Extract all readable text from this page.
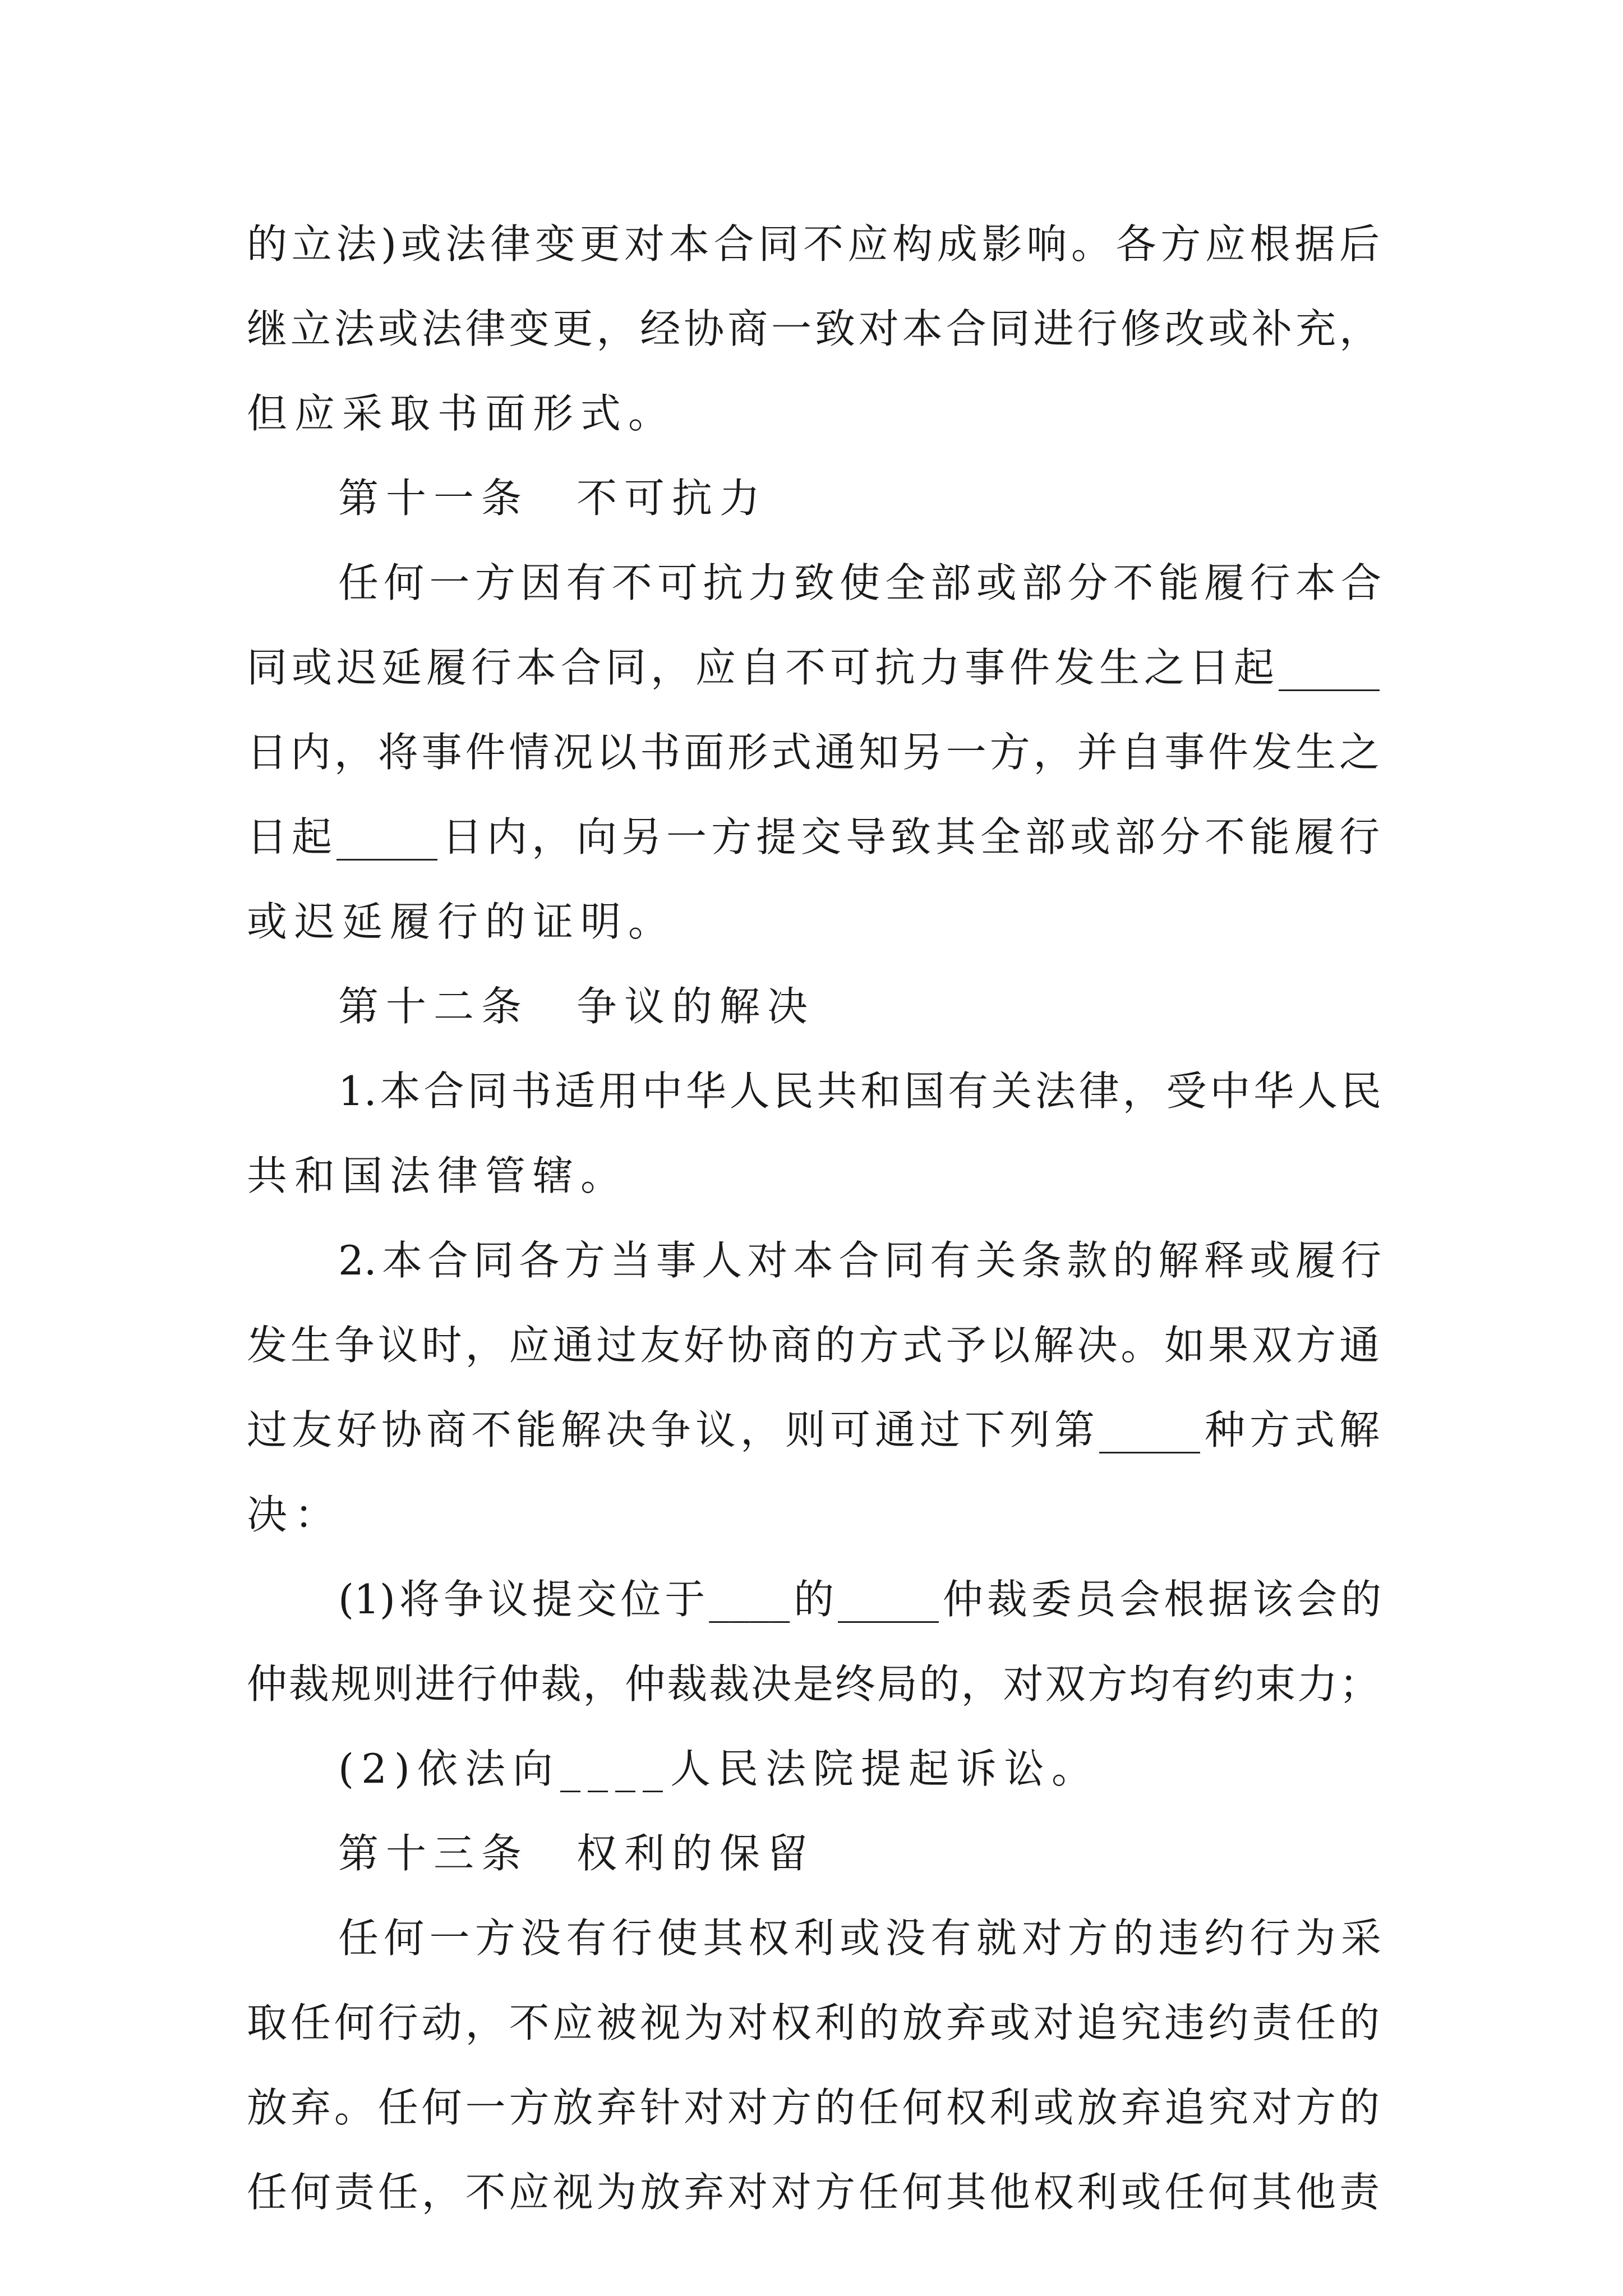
的立法)或法律变更对本合同不应构成影响。各方应根据后
继立法或法律变更，经协商一致对本合同进行修改或补充，
但应采取书面形式。
第十一条　不可抗力
任何一方因有不可抗力致使全部或部分不能履行本合
同或迟延履行本合同，应自不可抗力事件发生之日起_____
日内，将事件情况以书面形式通知另一方，并自事件发生之
日起_____日内，向另一方提交导致其全部或部分不能履行
或迟延履行的证明。
第十二条　争议的解决
1.本合同书适用中华人民共和国有关法律，受中华人民
共和国法律管辖。
2.本合同各方当事人对本合同有关条款的解释或履行
发生争议时，应通过友好协商的方式予以解决。如果双方通
过友好协商不能解决争议，则可通过下列第_____种方式解
决：
(1)将争议提交位于____的_____仲裁委员会根据该会的
仲裁规则进行仲裁，仲裁裁决是终局的，对双方均有约束力；
(2)依法向____人民法院提起诉讼。
第十三条　权利的保留
任何一方没有行使其权利或没有就对方的违约行为采
取任何行动，不应被视为对权利的放弃或对追究违约责任的
放弃。任何一方放弃针对对方的任何权利或放弃追究对方的
任何责任，不应视为放弃对对方任何其他权利或任何其他责
